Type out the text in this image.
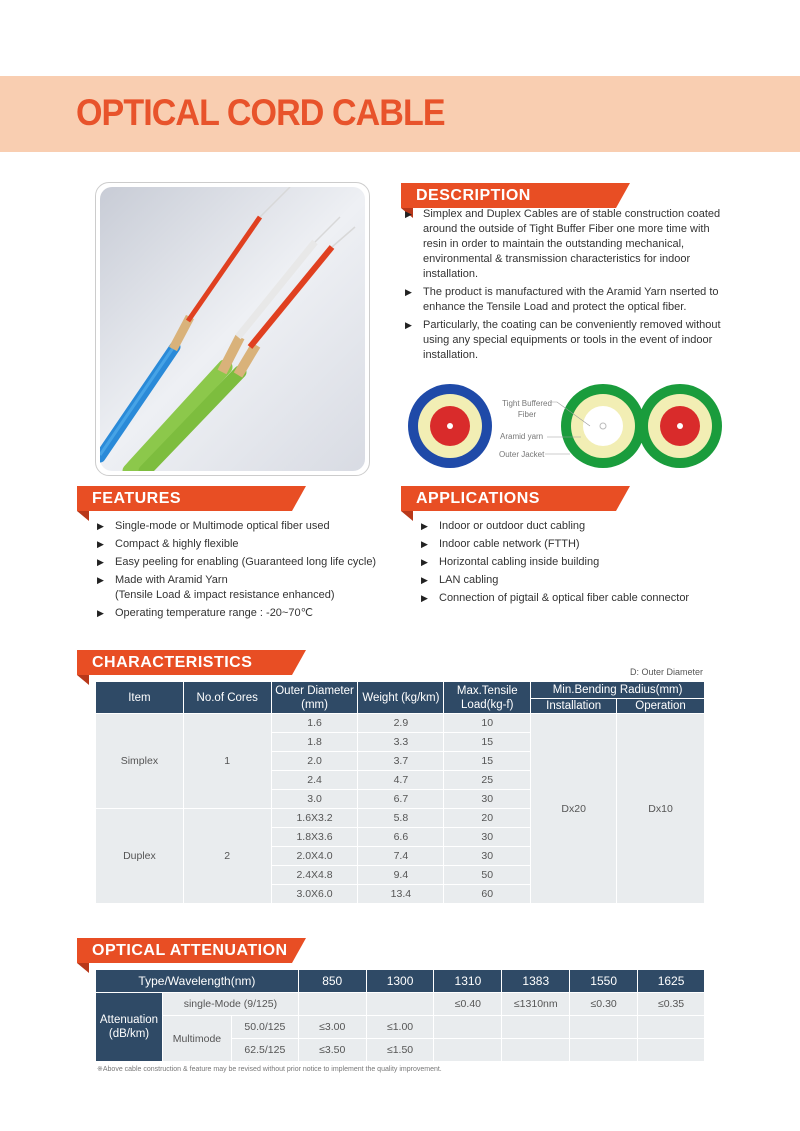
OPTICAL CORD CABLE
DESCRIPTION
▶ Simplex and Duplex Cables are of stable construction coated around the outside of Tight Buffer Fiber one more time with resin in order to maintain the outstanding mechanical, environmental & transmission characteristics for indoor installation.
▶ The product is manufactured with the Aramid Yarn nserted to enhance the Tensile Load and protect the optical fiber.
▶ Particularly, the coating can be conveniently removed without using any special equipments or tools in the event of indoor installation.
Tight Buffered Fiber
Aramid yarn
Outer Jacket
FEATURES
▶ Single-mode or Multimode optical fiber used
▶ Compact & highly flexible
▶ Easy peeling for enabling (Guaranteed long life cycle)
▶ Made with Aramid Yarn
(Tensile Load & impact resistance enhanced)
▶ Operating temperature range : -20~70℃
APPLICATIONS
▶ Indoor or outdoor duct cabling
▶ Indoor cable network (FTTH)
▶ Horizontal cabling inside building
▶ LAN cabling
▶ Connection of pigtail & optical fiber cable connector
CHARACTERISTICS
D: Outer Diameter
Item	No.of Cores	Outer Diameter (mm)	Weight (kg/km)	Max.Tensile Load(kg-f)	Min.Bending Radius(mm)	
					Installation	Operation
Simplex	1	1.6	2.9	10	Dx20	Dx10
		1.8	3.3	15		
		2.0	3.7	15		
		2.4	4.7	25		
		3.0	6.7	30		
Duplex	2	1.6X3.2	5.8	20		
		1.8X3.6	6.6	30		
		2.0X4.0	7.4	30		
		2.4X4.8	9.4	50		
		3.0X6.0	13.4	60		
OPTICAL ATTENUATION
Type/Wavelength(nm)			850	1300	1310	1383	1550	1625
Attenuation (dB/km)	single-Mode (9/125)				≤0.40	≤1310nm	≤0.30	≤0.35
	Multimode	50.0/125	≤3.00	≤1.00				
		62.5/125	≤3.50	≤1.50				
※Above cable construction & feature may be revised without prior notice to implement the quality improvement.
